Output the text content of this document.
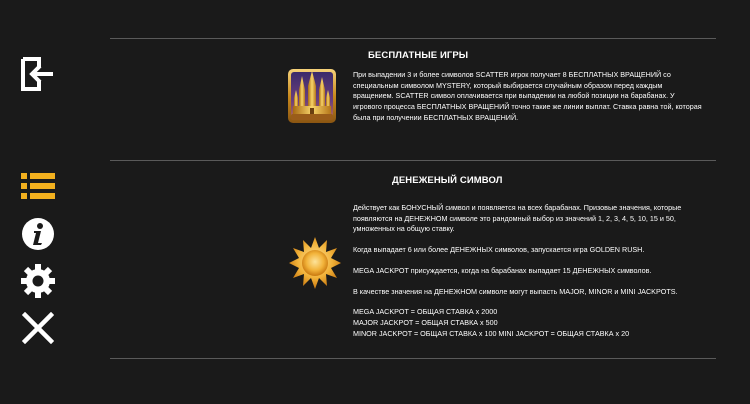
БЕСПЛАТНЫЕ ИГРЫ

При выпадении 3 и более символов SCATTER игрок получает 8 БЕСПЛАТНЫХ ВРАЩЕНИЙ со специальным символом MYSTERY, который выбирается случайным образом перед каждым вращением. SCATTER символ оплачивается при выпадении на любой позиции на барабанах. У игрового процесса БЕСПЛАТНЫХ ВРАЩЕНИЙ точно такие же линии выплат. Ставка равна той, которая была при получении БЕСПЛАТНЫХ ВРАЩЕНИЙ.

ДЕНЕЖЕНЫЙ СИМВОЛ

Действует как БОНУСНЫЙ символ и появляется на всех барабанах. Призовые значения, которые появляются на ДЕНЕЖНОМ символе это рандомный выбор из значений 1, 2, 3, 4, 5, 10, 15 и 50, умноженных на общую ставку.

Когда выпадает 6 или более ДЕНЕЖНЫХ символов, запускается игра GOLDEN RUSH.

MEGA JACKPOT присуждается, когда на барабанах выпадает 15 ДЕНЕЖНЫХ символов.

В качестве значения на ДЕНЕЖНОМ символе могут выпасть MAJOR, MINOR и MINI JACKPOTS.

MEGA JACKPOT = ОБЩАЯ СТАВКА x 2000

MAJOR JACKPOT = ОБЩАЯ СТАВКА x 500

MINOR JACKPOT = ОБЩАЯ СТАВКА x 100 MINI JACKPOT = ОБЩАЯ СТАВКА x 20
